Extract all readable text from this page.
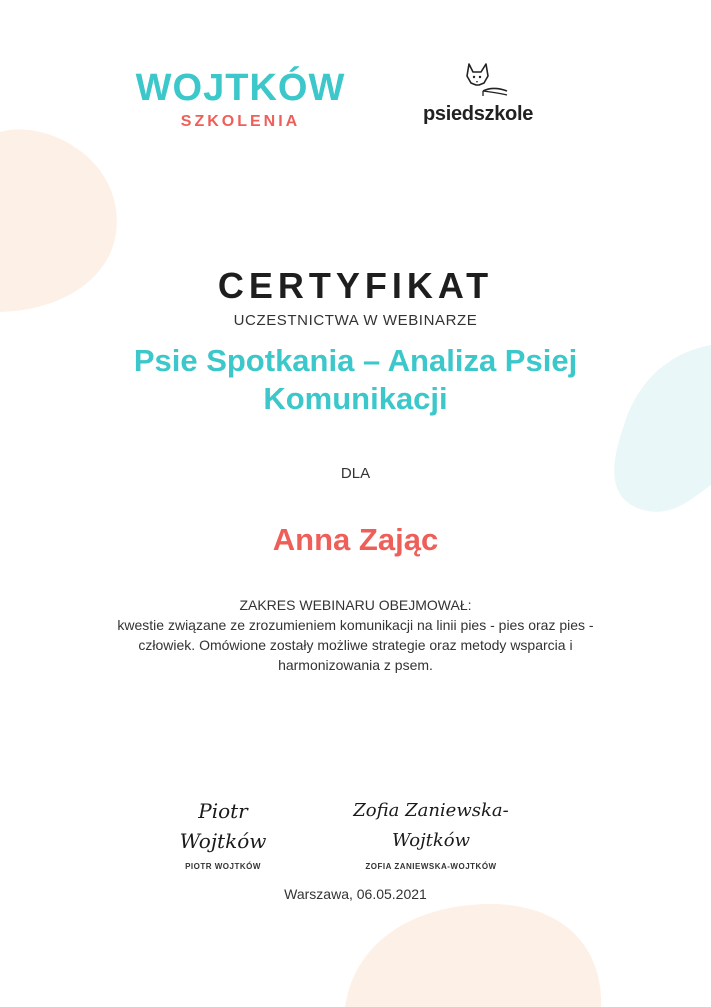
WOJTKÓW
SZKOLENIA	psiedszkole
CERTYFIKAT
UCZESTNICTWA W WEBINARZE
Psie Spotkania – Analiza Psiej
Komunikacji
DLA
Anna Zając
ZAKRES WEBINARU OBEJMOWAŁ:
kwestie związane ze zrozumieniem komunikacji na linii pies - pies oraz pies -
człowiek. Omówione zostały możliwe strategie oraz metody wsparcia i
harmonizowania z psem.
Piotr Wojtków
PIOTR WOJTKÓW
Zofia Zaniewska-Wojtków
ZOFIA ZANIEWSKA-WOJTKÓW
Warszawa, 06.05.2021
